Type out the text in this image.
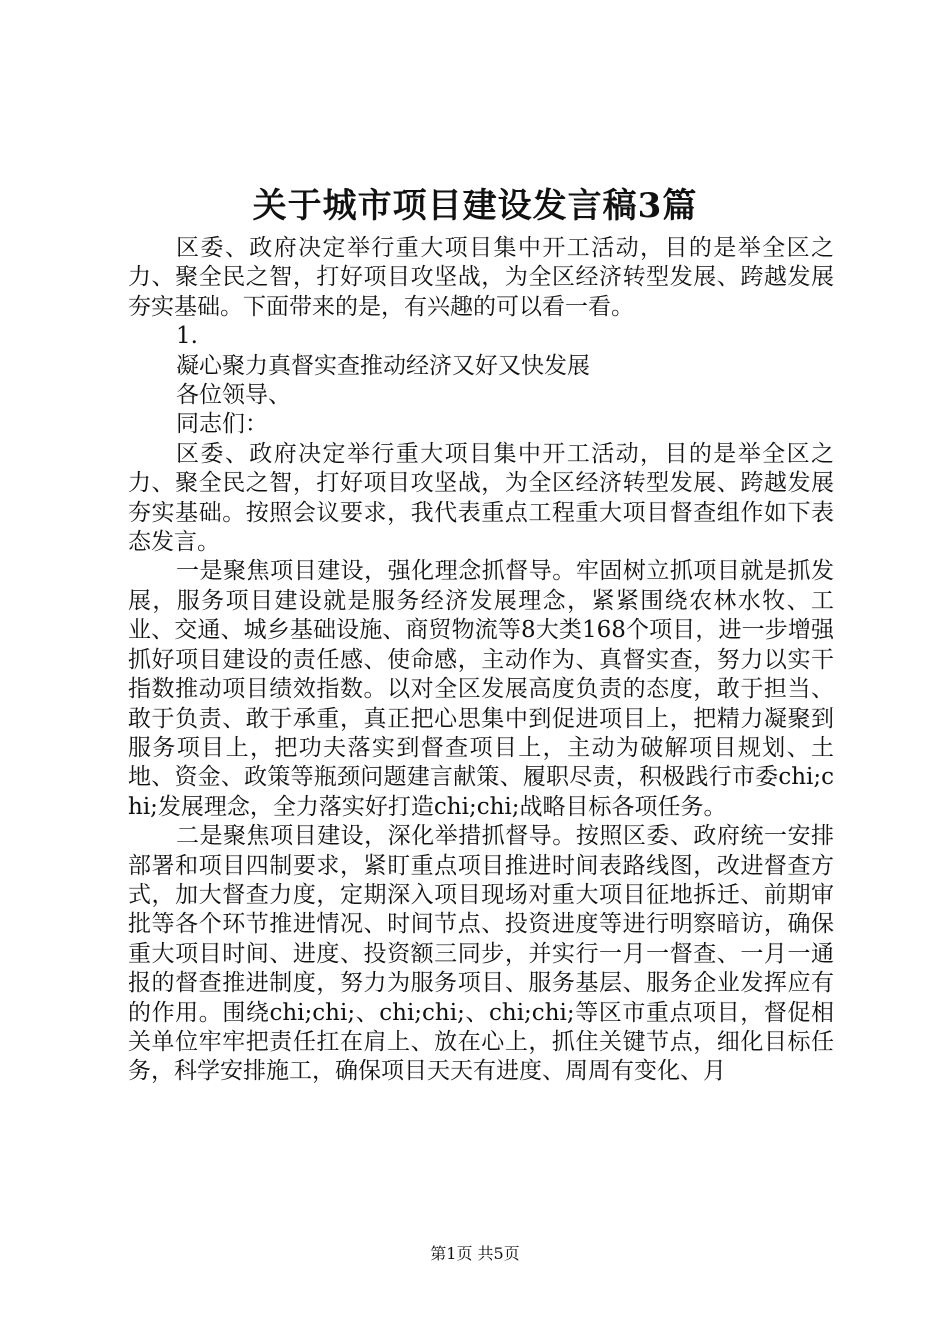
关于城市项目建设发言稿3篇

区委、政府决定举行重大项目集中开工活动，目的是举全区之力、聚全民之智，打好项目攻坚战，为全区经济转型发展、跨越发展夯实基础。下面带来的是，有兴趣的可以看一看。

1.

凝心聚力真督实查推动经济又好又快发展

各位领导、

同志们：

区委、政府决定举行重大项目集中开工活动，目的是举全区之力、聚全民之智，打好项目攻坚战，为全区经济转型发展、跨越发展夯实基础。按照会议要求，我代表重点工程重大项目督查组作如下表态发言。

一是聚焦项目建设，强化理念抓督导。牢固树立抓项目就是抓发展，服务项目建设就是服务经济发展理念，紧紧围绕农林水牧、工业、交通、城乡基础设施、商贸物流等8大类168个项目，进一步增强抓好项目建设的责任感、使命感，主动作为、真督实查，努力以实干指数推动项目绩效指数。以对全区发展高度负责的态度，敢于担当、敢于负责、敢于承重，真正把心思集中到促进项目上，把精力凝聚到服务项目上，把功夫落实到督查项目上，主动为破解项目规划、土地、资金、政策等瓶颈问题建言献策、履职尽责，积极践行市委chi;chi;发展理念，全力落实好打造chi;chi;战略目标各项任务。

二是聚焦项目建设，深化举措抓督导。按照区委、政府统一安排部署和项目四制要求，紧盯重点项目推进时间表路线图，改进督查方式，加大督查力度，定期深入项目现场对重大项目征地拆迁、前期审批等各个环节推进情况、时间节点、投资进度等进行明察暗访，确保重大项目时间、进度、投资额三同步，并实行一月一督查、一月一通报的督查推进制度，努力为服务项目、服务基层、服务企业发挥应有的作用。围绕chi;chi;、chi;chi;、chi;chi;等区市重点项目，督促相关单位牢牢把责任扛在肩上、放在心上，抓住关键节点，细化目标任务，科学安排施工，确保项目天天有进度、周周有变化、月

第1页 共5页
